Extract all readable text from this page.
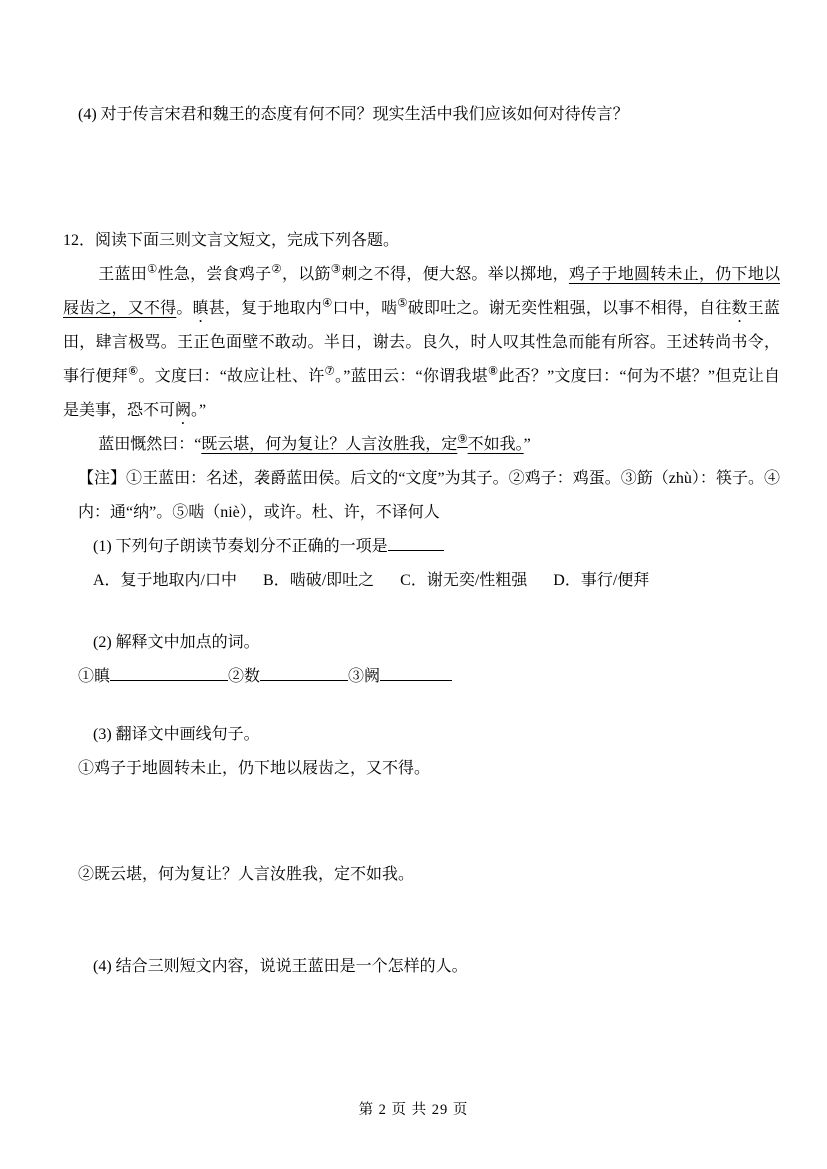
(4) 对于传言宋君和魏王的态度有何不同？现实生活中我们应该如何对待传言？

12．阅读下面三则文言文短文，完成下列各题。

王蓝田①性急，尝食鸡子②，以筯③刺之不得，便大怒。举以掷地，鸡子于地圆转未止，仍下地以屐齿之，又不得。瞋甚，复于地取内④口中，啮⑤破即吐之。谢无奕性粗强，以事不相得，自往数王蓝田，肆言极骂。王正色面壁不敢动。半日，谢去。良久，时人叹其性急而能有所容。王述转尚书令，事行便拜⑥。文度曰：“故应让杜、许⑦。”蓝田云：“你谓我堪⑧此否？”文度曰：“何为不堪？”但克让自是美事，恐不可阙。”

蓝田慨然曰：“既云堪，何为复让？人言汝胜我，定⑨不如我。”

【注】①王蓝田：名述，袭爵蓝田侯。后文的“文度”为其子。②鸡子：鸡蛋。③筯（zhù）：筷子。④内：通“纳”。⑤啮（niè），或许。杜、许，不译何人

(1) 下列句子朗读节奏划分不正确的一项是

A．复于地取内/口中 B．啮破/即吐之 C．谢无奕/性粗强 D．事行/便拜

(2) 解释文中加点的词。

①瞋	②数	③阙

(3) 翻译文中画线句子。

①鸡子于地圆转未止，仍下地以屐齿之，又不得。

②既云堪，何为复让？人言汝胜我，定不如我。

(4) 结合三则短文内容，说说王蓝田是一个怎样的人。

第 2 页 共 29 页
